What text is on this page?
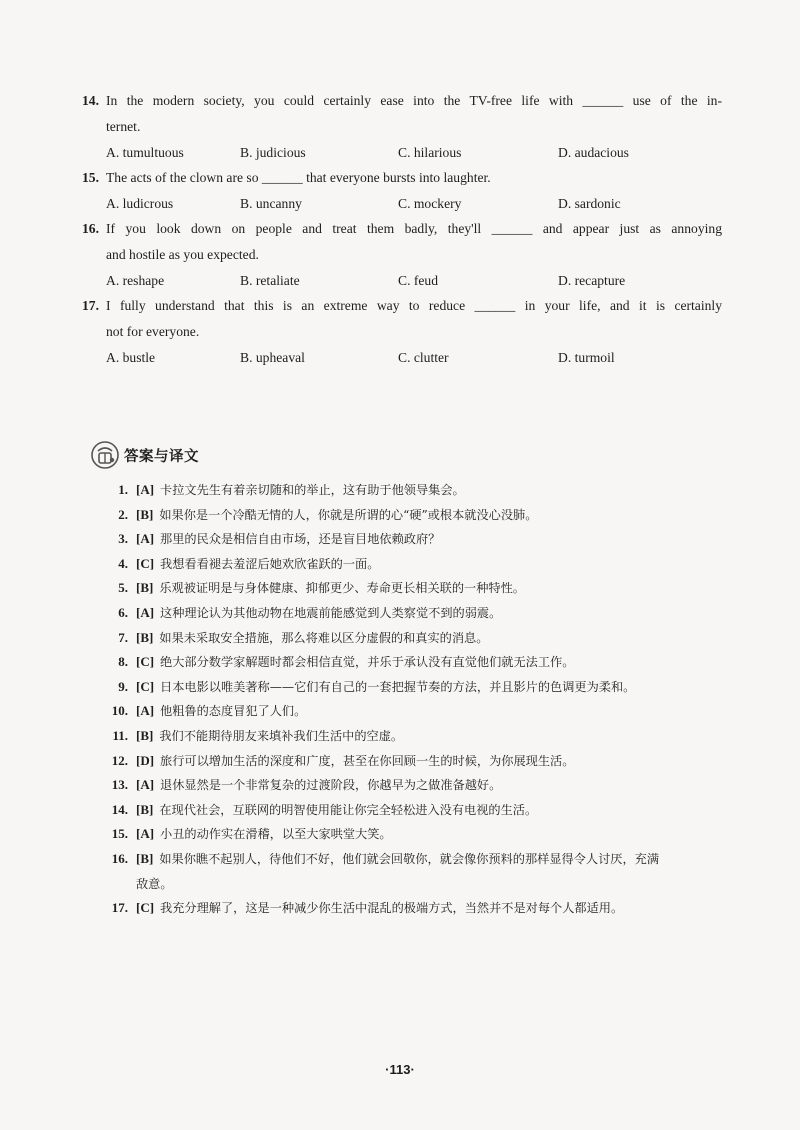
14. In the modern society, you could certainly ease into the TV-free life with ______ use of the in-
ternet.
A. tumultuous	B. judicious	C. hilarious	D. audacious
15. The acts of the clown are so ______ that everyone bursts into laughter.
A. ludicrous	B. uncanny	C. mockery	D. sardonic
16. If you look down on people and treat them badly, they'll ______ and appear just as annoying
and hostile as you expected.
A. reshape	B. retaliate	C. feud	D. recapture
17. I fully understand that this is an extreme way to reduce ______ in your life, and it is certainly
not for everyone.
A. bustle	B. upheaval	C. clutter	D. turmoil
答案与译文
1. [A] 卡拉文先生有着亲切随和的举止，这有助于他领导集会。
2. [B] 如果你是一个冷酷无情的人，你就是所谓的心“硬”或根本就没心没肺。
3. [A] 那里的民众是相信自由市场，还是盲目地依赖政府？
4. [C] 我想看看褪去羞涩后她欢欣雀跃的一面。
5. [B] 乐观被证明是与身体健康、抑郁更少、寿命更长相关联的一种特性。
6. [A] 这种理论认为其他动物在地震前能感觉到人类察觉不到的弱震。
7. [B] 如果未采取安全措施，那么将难以区分虚假的和真实的消息。
8. [C] 绝大部分数学家解题时都会相信直觉，并乐于承认没有直觉他们就无法工作。
9. [C] 日本电影以唯美著称——它们有自己的一套把握节奏的方法，并且影片的色调更为柔和。
10. [A] 他粗鲁的态度冒犯了人们。
11. [B] 我们不能期待朋友来填补我们生活中的空虚。
12. [D] 旅行可以增加生活的深度和广度，甚至在你回顾一生的时候，为你展现生活。
13. [A] 退休显然是一个非常复杂的过渡阶段，你越早为之做准备越好。
14. [B] 在现代社会，互联网的明智使用能让你完全轻松进入没有电视的生活。
15. [A] 小丑的动作实在滑稽，以至大家哄堂大笑。
16. [B] 如果你瞧不起别人，待他们不好，他们就会回敬你，就会像你预料的那样显得令人讨厌，充满
敌意。
17. [C] 我充分理解了，这是一种减少你生活中混乱的极端方式，当然并不是对每个人都适用。
·113·
